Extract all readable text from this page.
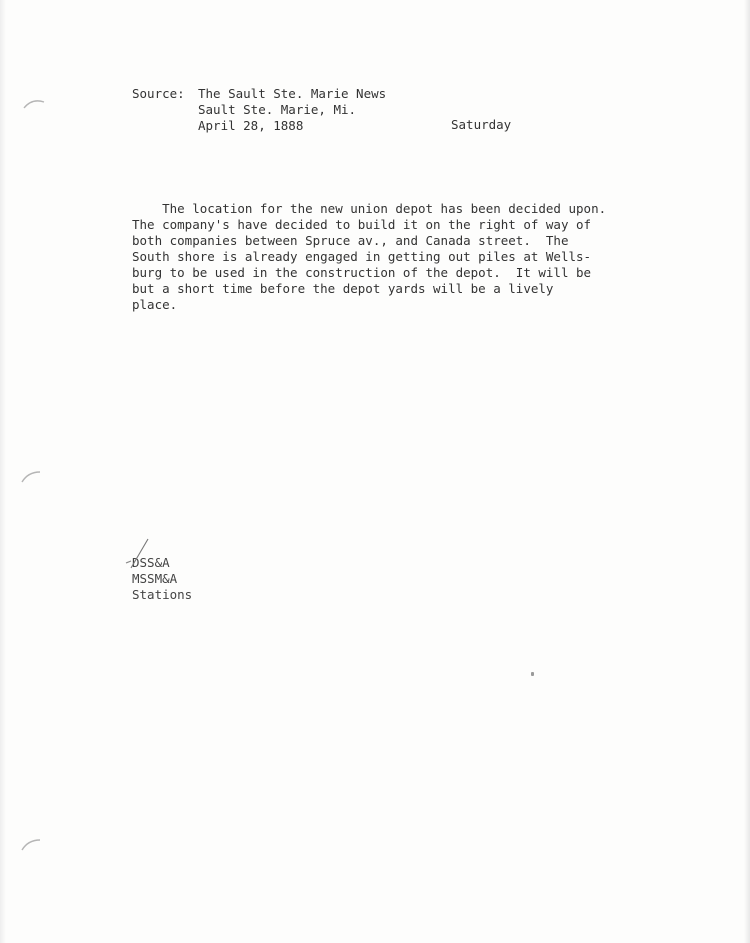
Source: The Sault Ste. Marie News
Sault Ste. Marie, Mi.
April 28, 1888	Saturday
The location for the new union depot has been decided upon.
The company's have decided to build it on the right of way of
both companies between Spruce av., and Canada street.  The
South shore is already engaged in getting out piles at Wells-
burg to be used in the construction of the depot.  It will be
but a short time before the depot yards will be a lively
place.
DSS&A
MSSM&A
Stations
